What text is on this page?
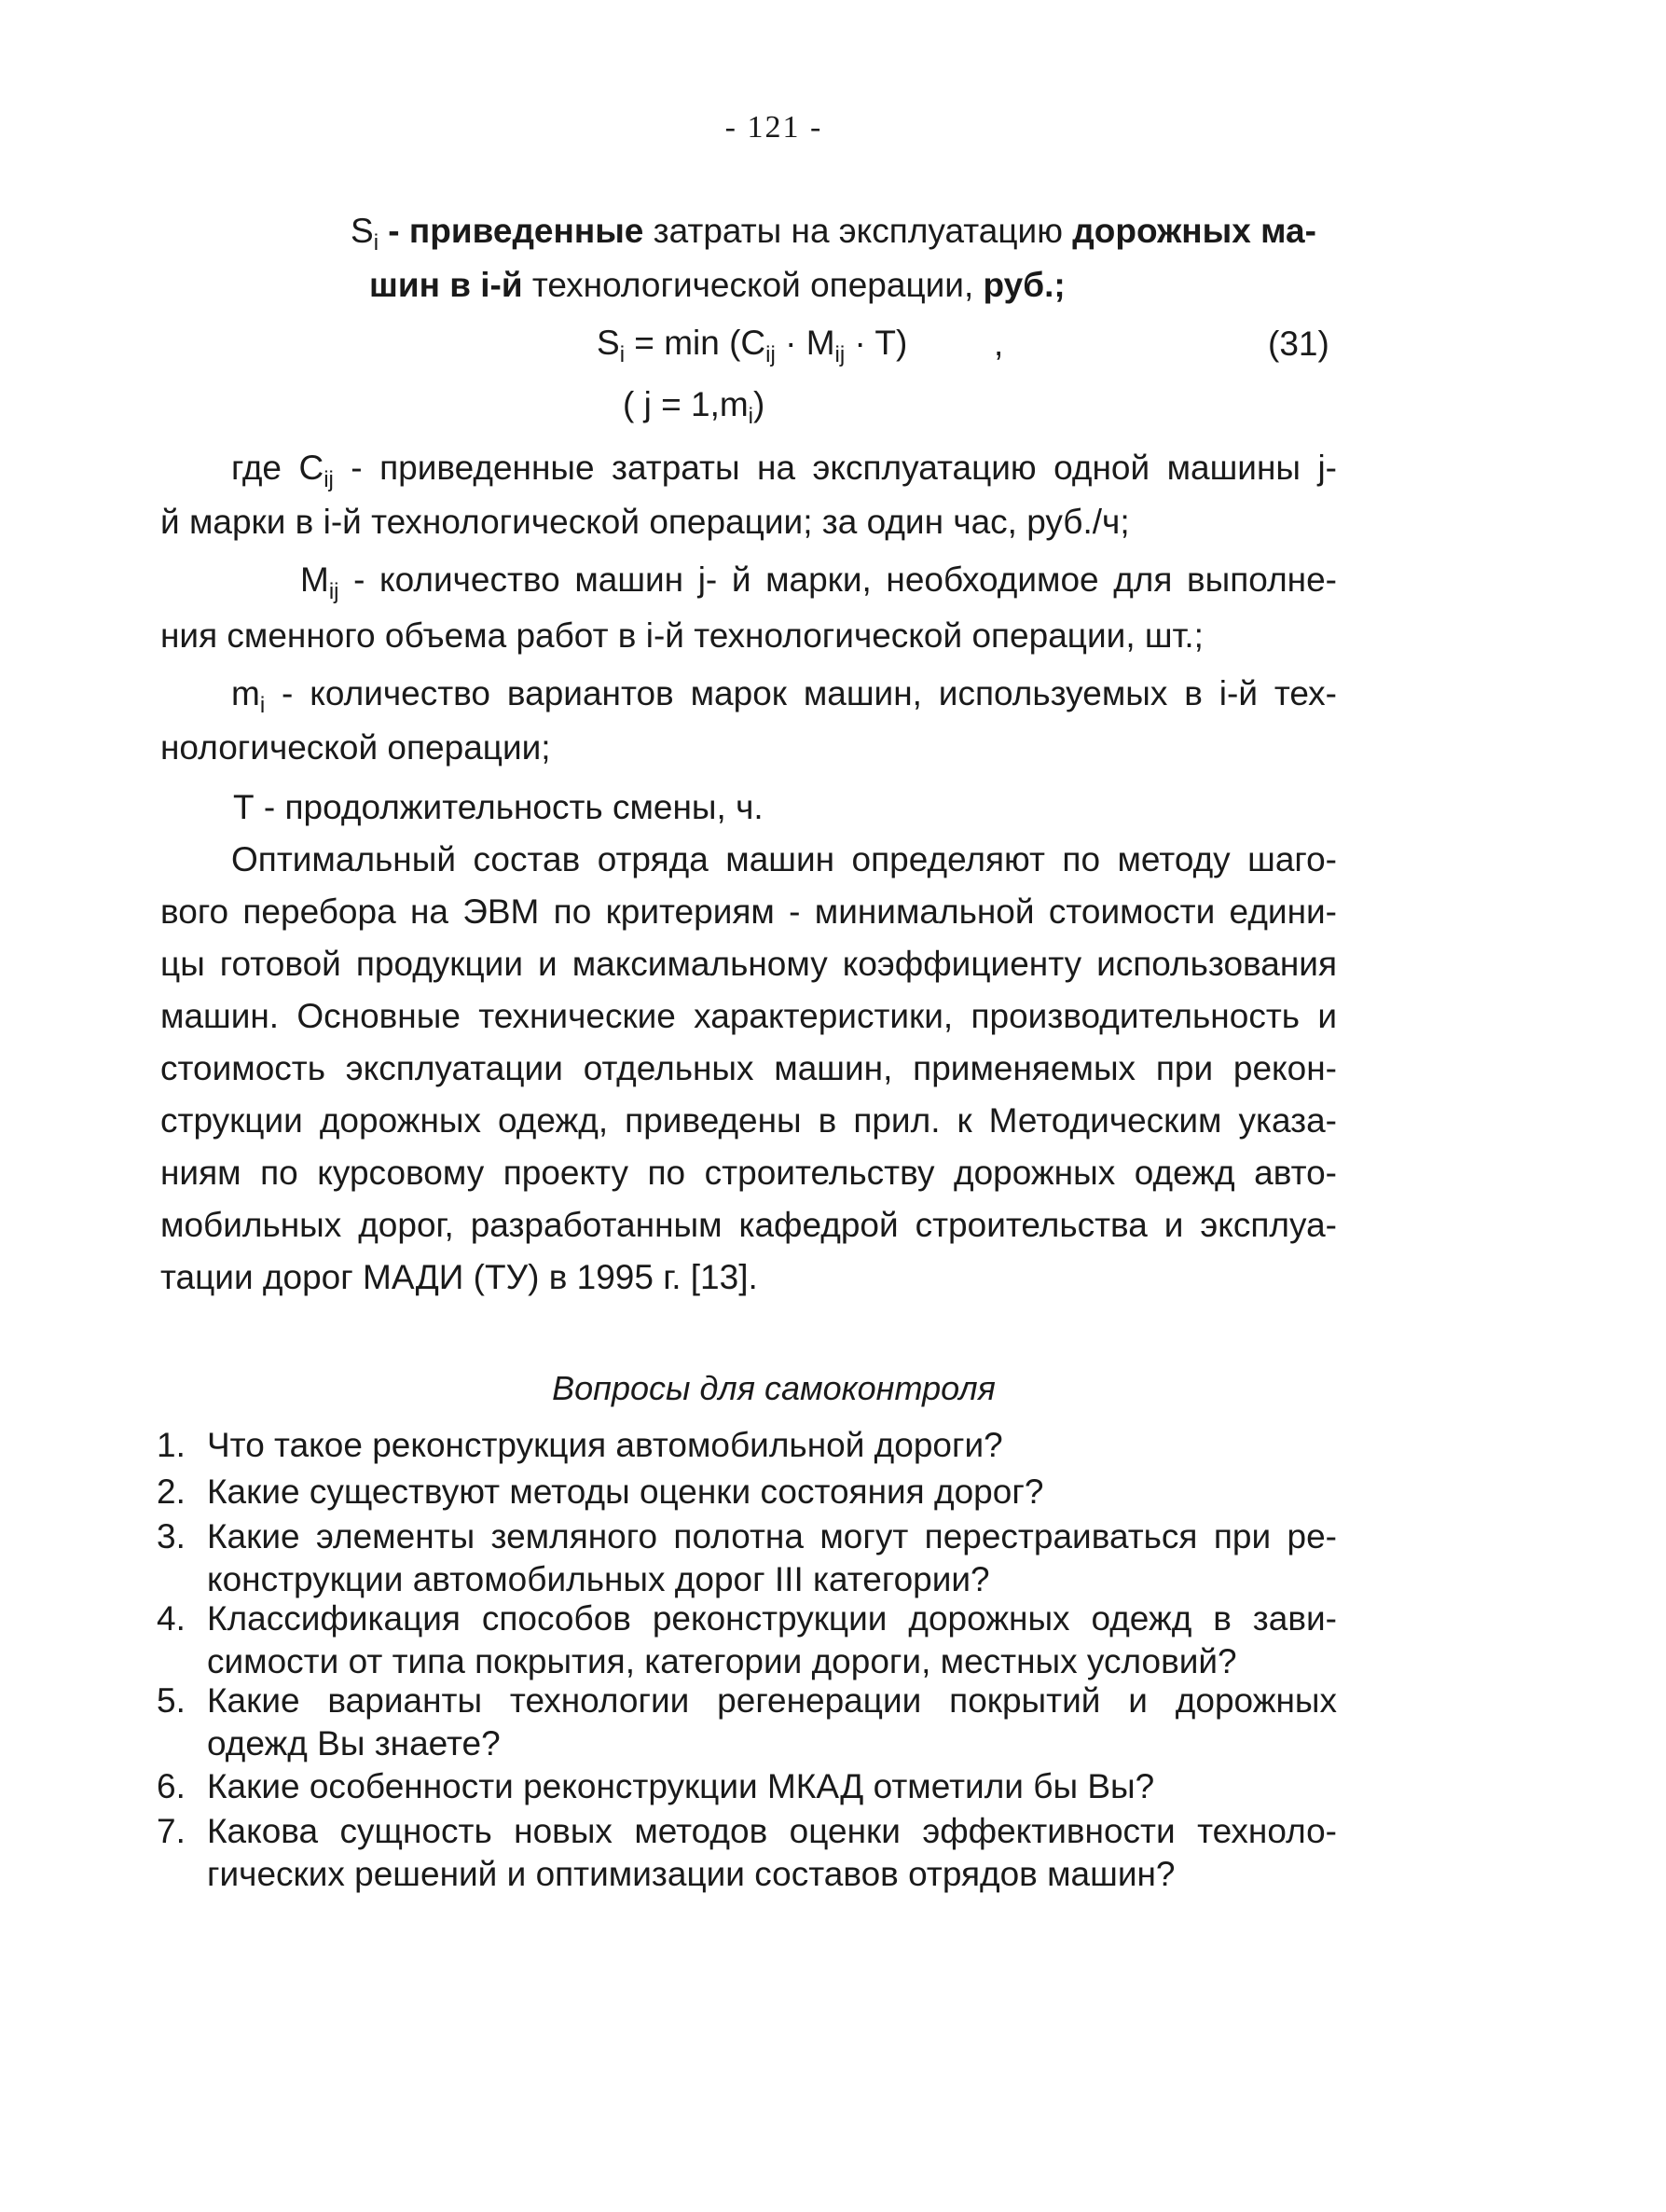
- 121 -
$S_i$ - приведенные затраты на эксплуатацию дорожных ма-
шин в i-й технологической операции, руб.;
$S_i = \min (C_{ij} \cdot M_{ij} \cdot T)$	,	(31)
( $j = 1,m_i$)
где $C_{ij}$ - приведенные затраты на эксплуатацию одной машины j-
й марки в i-й технологической операции; за один час, руб./ч;
$M_{ij}$ - количество машин j- й марки, необходимое для выполне-
ния сменного объема работ в i-й технологической операции, шт.;
$m_i$ - количество вариантов марок машин, используемых в i-й тех-
нологической операции;
Т - продолжительность смены, ч.
Оптимальный состав отряда машин определяют по методу шаго-
вого перебора на ЭВМ по критериям - минимальной стоимости едини-
цы готовой продукции и максимальному коэффициенту использования
машин. Основные технические характеристики, производительность и
стоимость эксплуатации отдельных машин, применяемых при рекон-
струкции дорожных одежд, приведены в прил. к Методическим указа-
ниям по курсовому проекту по строительству дорожных одежд авто-
мобильных дорог, разработанным кафедрой строительства и эксплуа-
тации дорог МАДИ (ТУ) в 1995 г. [13].
Вопросы для самоконтроля
1. Что такое реконструкция автомобильной дороги?
2. Какие существуют методы оценки состояния дорог?
3. Какие элементы земляного полотна могут перестраиваться при ре-
конструкции автомобильных дорог III категории?
4. Классификация способов реконструкции дорожных одежд в зави-
симости от типа покрытия, категории дороги, местных условий?
5. Какие варианты технологии регенерации покрытий и дорожных
одежд Вы знаете?
6. Какие особенности реконструкции МКАД отметили бы Вы?
7. Какова сущность новых методов оценки эффективности техноло-
гических решений и оптимизации составов отрядов машин?
